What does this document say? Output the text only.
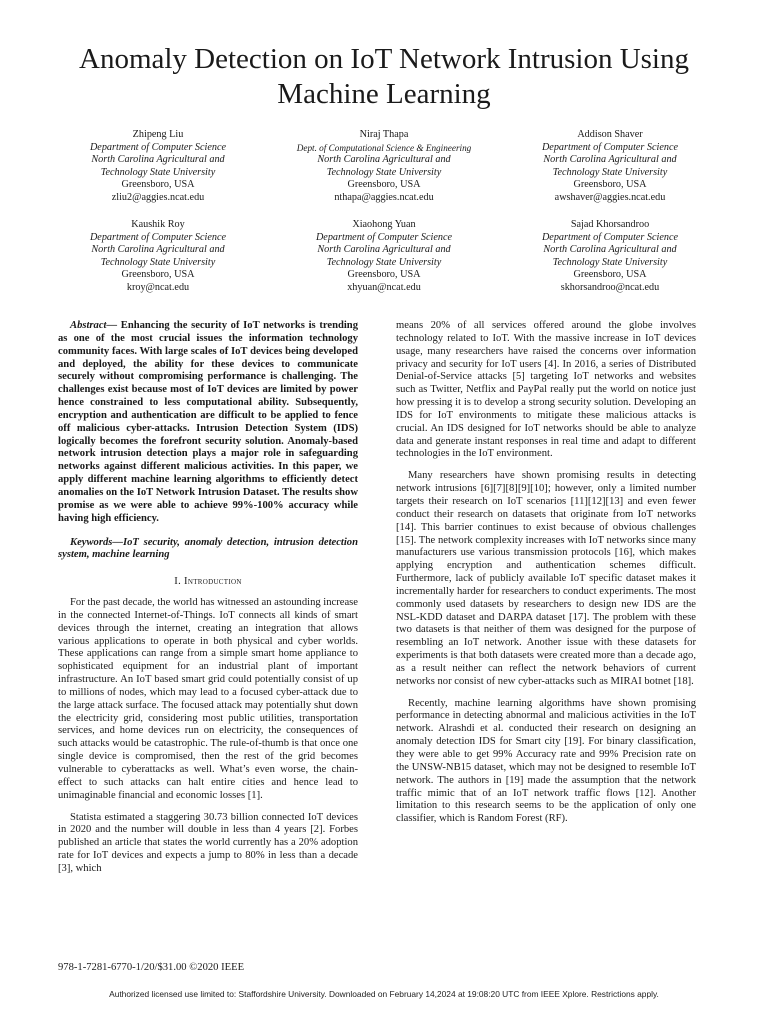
Anomaly Detection on IoT Network Intrusion Using Machine Learning
Zhipeng Liu
Department of Computer Science
North Carolina Agricultural and
Technology State University
Greensboro, USA
zliu2@aggies.ncat.edu
Niraj Thapa
Dept. of Computational Science & Engineering
North Carolina Agricultural and
Technology State University
Greensboro, USA
nthapa@aggies.ncat.edu
Addison Shaver
Department of Computer Science
North Carolina Agricultural and
Technology State University
Greensboro, USA
awshaver@aggies.ncat.edu
Kaushik Roy
Department of Computer Science
North Carolina Agricultural and
Technology State University
Greensboro, USA
kroy@ncat.edu
Xiaohong Yuan
Department of Computer Science
North Carolina Agricultural and
Technology State University
Greensboro, USA
xhyuan@ncat.edu
Sajad Khorsandroo
Department of Computer Science
North Carolina Agricultural and
Technology State University
Greensboro, USA
skhorsandroo@ncat.edu

Abstract— Enhancing the security of IoT networks is trending as one of the most crucial issues the information technology community faces. With large scales of IoT devices being developed and deployed, the ability for these devices to communicate securely without compromising performance is challenging. The challenges exist because most of IoT devices are limited by power hence constrained to less computational ability. Subsequently, encryption and authentication are difficult to be applied to fence off malicious cyber-attacks. Intrusion Detection System (IDS) logically becomes the forefront security solution. Anomaly-based network intrusion detection plays a major role in safeguarding networks against different malicious activities. In this paper, we apply different machine learning algorithms to efficiently detect anomalies on the IoT Network Intrusion Dataset. The results show promise as we were able to achieve 99%-100% accuracy while having high efficiency.

Keywords—IoT security, anomaly detection, intrusion detection system, machine learning

I. Introduction

For the past decade, the world has witnessed an astounding increase in the connected Internet-of-Things. IoT connects all kinds of smart devices through the internet, creating an integration that allows various applications to operate in both physical and cyber worlds. These applications can range from a simple smart home appliance to sophisticated equipment for an industrial plant of important infrastructure. An IoT based smart grid could potentially consist of up to millions of nodes, which may lead to a focused cyber-attack due to the large attack surface. The focused attack may potentially shut down the electricity grid, considering most public utilities, transportation services, and home devices run on electricity, the consequences of such attacks would be catastrophic. The rule-of-thumb is that once one single device is compromised, then the rest of the grid becomes vulnerable to cyberattacks as well. What’s even worse, the chain-effect to such attacks can halt entire cities and hence lead to unimaginable financial and economic losses [1].

Statista estimated a staggering 30.73 billion connected IoT devices in 2020 and the number will double in less than 4 years [2]. Forbes published an article that states the world currently has a 20% adoption rate for IoT devices and expects a jump to 80% in less than a decade [3], which

means 20% of all services offered around the globe involves technology related to IoT. With the massive increase in IoT devices usage, many researchers have raised the concerns over information privacy and security for IoT users [4]. In 2016, a series of Distributed Denial-of-Service attacks [5] targeting IoT networks and websites such as Twitter, Netflix and PayPal really put the world on notice just how pressing it is to develop a strong security solution. Developing an IDS for IoT environments to mitigate these malicious attacks is crucial. An IDS designed for IoT networks should be able to analyze data and generate instant responses in real time and adapt to different technologies in the IoT environment.

Many researchers have shown promising results in detecting network intrusions [6][7][8][9][10]; however, only a limited number targets their research on IoT scenarios [11][12][13] and even fewer conduct their research on datasets that originate from IoT networks [14]. This barrier continues to exist because of obvious challenges [15]. The network complexity increases with IoT networks since many manufacturers use various transmission protocols [16], which makes applying encryption and authentication schemes difficult. Furthermore, lack of publicly available IoT specific dataset makes it incrementally harder for researchers to conduct experiments. The most commonly used datasets by researchers to design new IDS are the NSL-KDD dataset and DARPA dataset [17]. The problem with these two datasets is that neither of them was designed for the purpose of resembling an IoT network. Another issue with these datasets for experiments is that both datasets were created more than a decade ago, as a result neither can reflect the network behaviors of current networks nor consist of new cyber-attacks such as MIRAI botnet [18].

Recently, machine learning algorithms have shown promising performance in detecting abnormal and malicious activities in the IoT network. Alrashdi et al. conducted their research on designing an anomaly detection IDS for Smart city [19]. For binary classification, they were able to get 99% Accuracy rate and 99% Precision rate on the UNSW-NB15 dataset, which may not be designed to resemble IoT network. The authors in [19] made the assumption that the network traffic mimic that of an IoT network traffic flows [12]. Another limitation to this research seems to be the application of only one classifier, which is Random Forest (RF).

978-1-7281-6770-1/20/$31.00 ©2020 IEEE
Authorized licensed use limited to: Staffordshire University. Downloaded on February 14,2024 at 19:08:20 UTC from IEEE Xplore. Restrictions apply.
